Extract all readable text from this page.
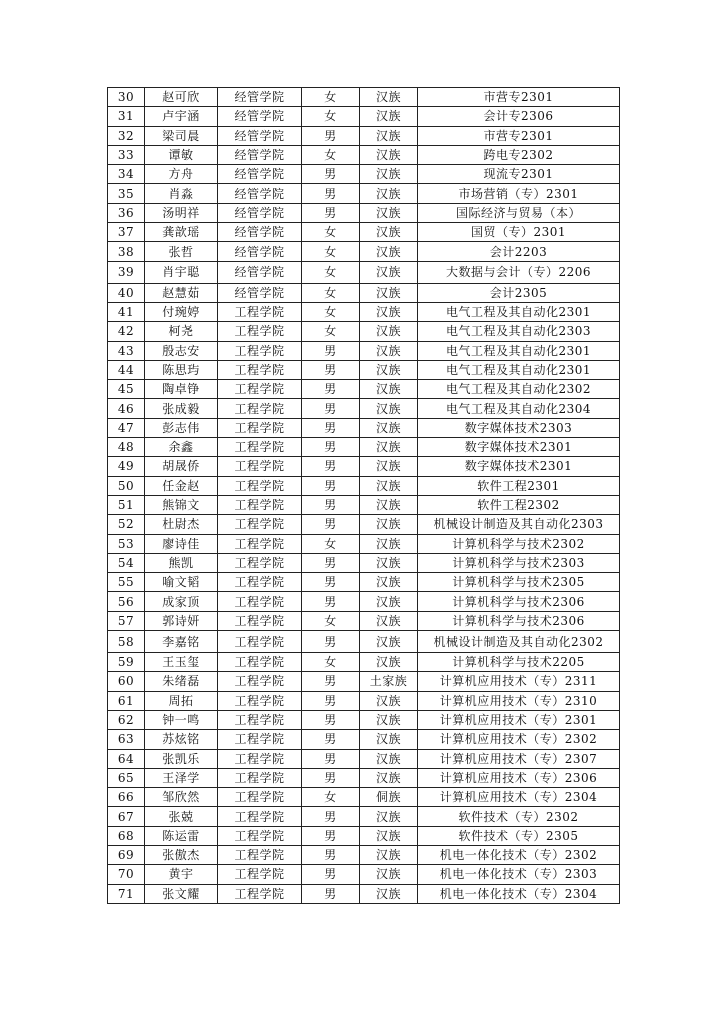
30	赵可欣	经管学院	女	汉族	市营专2301
31	卢宇涵	经管学院	女	汉族	会计专2306
32	梁司晨	经管学院	男	汉族	市营专2301
33	谭敏	经管学院	女	汉族	跨电专2302
34	方舟	经管学院	男	汉族	现流专2301
35	肖淼	经管学院	男	汉族	市场营销（专）2301
36	汤明祥	经管学院	男	汉族	国际经济与贸易（本）
37	龚歆瑶	经管学院	女	汉族	国贸（专）2301
38	张哲	经管学院	女	汉族	会计2203
39	肖宇聪	经管学院	女	汉族	大数据与会计（专）2206
40	赵慧茹	经管学院	女	汉族	会计2305
41	付琬婷	工程学院	女	汉族	电气工程及其自动化2301
42	柯尧	工程学院	女	汉族	电气工程及其自动化2303
43	殷志安	工程学院	男	汉族	电气工程及其自动化2301
44	陈思玙	工程学院	男	汉族	电气工程及其自动化2301
45	陶卓铮	工程学院	男	汉族	电气工程及其自动化2302
46	张成毅	工程学院	男	汉族	电气工程及其自动化2304
47	彭志伟	工程学院	男	汉族	数字媒体技术2303
48	余鑫	工程学院	男	汉族	数字媒体技术2301
49	胡晟侨	工程学院	男	汉族	数字媒体技术2301
50	任金赵	工程学院	男	汉族	软件工程2301
51	熊锦文	工程学院	男	汉族	软件工程2302
52	杜尉杰	工程学院	男	汉族	机械设计制造及其自动化2303
53	廖诗佳	工程学院	女	汉族	计算机科学与技术2302
54	熊凯	工程学院	男	汉族	计算机科学与技术2303
55	喻文韬	工程学院	男	汉族	计算机科学与技术2305
56	成家顶	工程学院	男	汉族	计算机科学与技术2306
57	郭诗妍	工程学院	女	汉族	计算机科学与技术2306
58	李嘉铭	工程学院	男	汉族	机械设计制造及其自动化2302
59	王玉玺	工程学院	女	汉族	计算机科学与技术2205
60	朱绪磊	工程学院	男	土家族	计算机应用技术（专）2311
61	周拓	工程学院	男	汉族	计算机应用技术（专）2310
62	钟一鸣	工程学院	男	汉族	计算机应用技术（专）2301
63	苏炫铭	工程学院	男	汉族	计算机应用技术（专）2302
64	张凯乐	工程学院	男	汉族	计算机应用技术（专）2307
65	王泽学	工程学院	男	汉族	计算机应用技术（专）2306
66	邹欣然	工程学院	女	侗族	计算机应用技术（专）2304
67	张兢	工程学院	男	汉族	软件技术（专）2302
68	陈运雷	工程学院	男	汉族	软件技术（专）2305
69	张傲杰	工程学院	男	汉族	机电一体化技术（专）2302
70	黄宇	工程学院	男	汉族	机电一体化技术（专）2303
71	张文耀	工程学院	男	汉族	机电一体化技术（专）2304
